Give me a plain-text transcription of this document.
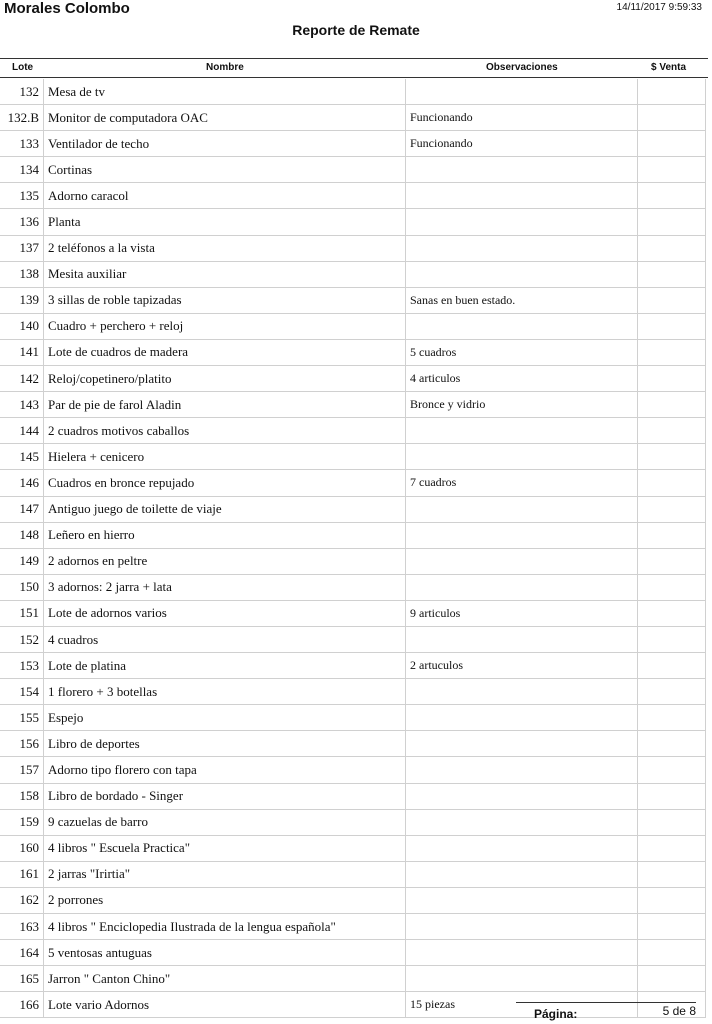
Morales Colombo	14/11/2017 9:59:33
Reporte de Remate
Lote	Nombre	Observaciones	$ Venta
132 Mesa de tv
132.B Monitor de computadora OAC	Funcionando
133 Ventilador de techo	Funcionando
134 Cortinas
135 Adorno caracol
136 Planta
137 2 teléfonos a la vista
138 Mesita auxiliar
139 3 sillas de roble tapizadas	Sanas en buen estado.
140 Cuadro + perchero + reloj
141 Lote de cuadros de madera	5 cuadros
142 Reloj/copetinero/platito	4 articulos
143 Par de pie de farol Aladin	Bronce y vidrio
144 2 cuadros motivos caballos
145 Hielera + cenicero
146 Cuadros en bronce repujado	7 cuadros
147 Antiguo juego de toilette de viaje
148 Leñero en hierro
149 2 adornos en peltre
150 3 adornos: 2 jarra + lata
151 Lote de adornos varios	9 articulos
152 4 cuadros
153 Lote de platina	2 artuculos
154 1 florero + 3 botellas
155 Espejo
156 Libro de deportes
157 Adorno tipo florero con tapa
158 Libro de bordado - Singer
159 9 cazuelas de barro
160 4 libros " Escuela Practica"
161 2 jarras "Irirtia"
162 2 porrones
163 4 libros " Enciclopedia Ilustrada de la lengua española"
164 5 ventosas antuguas
165 Jarron " Canton Chino"
166 Lote vario Adornos	15 piezas
Página:	5 de 8
